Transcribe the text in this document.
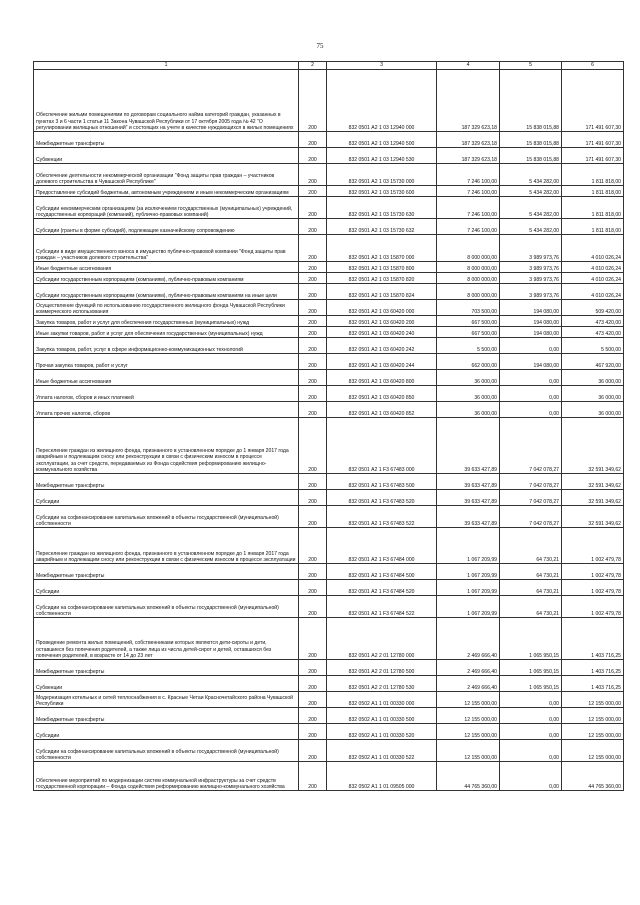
75
1	2	3	4	5	6
Обеспечение жильми помещениями по договорам социального найма категорий граждан, указанных в пунктах 3 и 6 части 1 статьи 11 Закона Чувашской Республики от 17 октября 2005 года № 42 "О регулировании жилищных отношений" и состоящих на учете в качестве нуждающихся в жилых помещениях	200	832 0501 А2 1 03 12940 000	187 329 623,18	15 838 015,88	171 491 607,30
Межбюджетные трансферты	200	832 0501 А2 1 03 12940 500	187 329 623,18	15 838 015,88	171 491 607,30
Субвенции	200	832 0501 А2 1 03 12940 530	187 329 623,18	15 838 015,88	171 491 607,30
Обеспечение деятельности некоммерческой организации "Фонд защиты прав граждан – участников долевого строительства в Чувашской Республике"	200	832 0501 А2 1 03 15730 000	7 246 100,00	5 434 282,00	1 811 818,00
Предоставление субсидий бюджетным, автономным учреждениям и иным некоммерческим организациям	200	832 0501 А2 1 03 15730 600	7 246 100,00	5 434 282,00	1 811 818,00
Субсидии некоммерческим организациям (за исключением государственных (муниципальных) учреждений, государственных корпораций (компаний), публично-правовых компаний)	200	832 0501 А2 1 03 15730 630	7 246 100,00	5 434 282,00	1 811 818,00
Субсидии (гранты в форме субсидий), подлежащие казначейскому сопровождению	200	832 0501 А2 1 03 15730 632	7 246 100,00	5 434 282,00	1 811 818,00
Субсидии в виде имущественного взноса в имущество публично-правовой компании "Фонд защиты прав граждан – участников долевого строительства"	200	832 0501 А2 1 03 15870 000	8 000 000,00	3 989 973,76	4 010 026,24
Иные бюджетные ассигнования	200	832 0501 А2 1 03 15870 800	8 000 000,00	3 989 973,76	4 010 026,24
Субсидии государственным корпорациям (компаниям), публично-правовым компаниям	200	832 0501 А2 1 03 15870 820	8 000 000,00	3 989 973,76	4 010 026,24
Субсидии государственным корпорациям (компаниям), публично-правовым компаниям на иные цели	200	832 0501 А2 1 03 15870 824	8 000 000,00	3 989 973,76	4 010 026,24
Осуществление функций по использованию государственного жилищного фонда Чувашской Республики коммерческого использования	200	832 0501 А2 1 03 60420 000	703 500,00	194 080,00	509 420,00
Закупка товаров, работ и услуг для обеспечения государственных (муниципальных) нужд	200	832 0501 А2 1 03 60420 200	667 500,00	194 080,00	473 420,00
Иные закупки товаров, работ и услуг для обеспечения государственных (муниципальных) нужд	200	832 0501 А2 1 03 60420 240	667 500,00	194 080,00	473 420,00
Закупка товаров, работ, услуг в сфере информационно-коммуникационных технологий	200	832 0501 А2 1 03 60420 242	5 500,00	0,00	5 500,00
Прочая закупка товаров, работ и услуг	200	832 0501 А2 1 03 60420 244	662 000,00	194 080,00	467 920,00
Иные бюджетные ассигнования	200	832 0501 А2 1 03 60420 800	36 000,00	0,00	36 000,00
Уплата налогов, сборов и иных платежей	200	832 0501 А2 1 03 60420 850	36 000,00	0,00	36 000,00
Уплата прочих налогов, сборов	200	832 0501 А2 1 03 60420 852	36 000,00	0,00	36 000,00
Переселение граждан из жилищного фонда, признанного в установленном порядке до 1 января 2017 года аварийным и подлежащим сносу или реконструкции в связи с физическим износом в процессе эксплуатации, за счет средств, передаваемых из Фонда содействия реформированию жилищно-коммунального хозяйства	200	832 0501 А2 1 F3 67483 000	39 633 427,89	7 042 078,27	32 591 349,62
Межбюджетные трансферты	200	832 0501 А2 1 F3 67483 500	39 633 427,89	7 042 078,27	32 591 349,62
Субсидии	200	832 0501 А2 1 F3 67483 520	39 633 427,89	7 042 078,27	32 591 349,62
Субсидии на софинансирование капитальных вложений в объекты государственной (муниципальной) собственности	200	832 0501 А2 1 F3 67483 522	39 633 427,89	7 042 078,27	32 591 349,62
Переселение граждан из жилищного фонда, признанного в установленном порядке до 1 января 2017 года аварийным и подлежащим сносу или реконструкции в связи с физическим износом в процессе эксплуатации	200	832 0501 А2 1 F3 67484 000	1 067 209,99	64 730,21	1 002 479,78
Межбюджетные трансферты	200	832 0501 А2 1 F3 67484 500	1 067 209,99	64 730,21	1 002 479,78
Субсидии	200	832 0501 А2 1 F3 67484 520	1 067 209,99	64 730,21	1 002 479,78
Субсидии на софинансирование капитальных вложений в объекты государственной (муниципальной) собственности	200	832 0501 А2 1 F3 67484 522	1 067 209,99	64 730,21	1 002 479,78
Проведение ремонта жилых помещений, собственниками которых являются дети-сироты и дети, оставшиеся без попечения родителей, а также лица из числа детей-сирот и детей, оставшихся без попечения родителей, в возрасте от 14 до 23 лет	200	832 0501 А2 2 01 12780 000	2 469 666,40	1 065 950,15	1 403 716,25
Межбюджетные трансферты	200	832 0501 А2 2 01 12780 500	2 469 666,40	1 065 950,15	1 403 716,25
Субвенции	200	832 0501 А2 2 01 12780 530	2 469 666,40	1 065 950,15	1 403 716,25
Модернизация котельных и сетей теплоснабжения в с. Красные Четаи Красночетайского района Чувашской Республики	200	832 0502 А1 1 01 00330 000	12 155 000,00	0,00	12 155 000,00
Межбюджетные трансферты	200	832 0502 А1 1 01 00330 500	12 155 000,00	0,00	12 155 000,00
Субсидии	200	832 0502 А1 1 01 00330 520	12 155 000,00	0,00	12 155 000,00
Субсидии на софинансирование капитальных вложений в объекты государственной (муниципальной) собственности	200	832 0502 А1 1 01 00330 522	12 155 000,00	0,00	12 155 000,00
Обеспечение мероприятий по модернизации систем коммунальной инфраструктуры за счет средств государственной корпорации – Фонда содействия реформированию жилищно-коммунального хозяйства	200	832 0502 А1 1 01 09505 000	44 765 360,00	0,00	44 765 360,00
